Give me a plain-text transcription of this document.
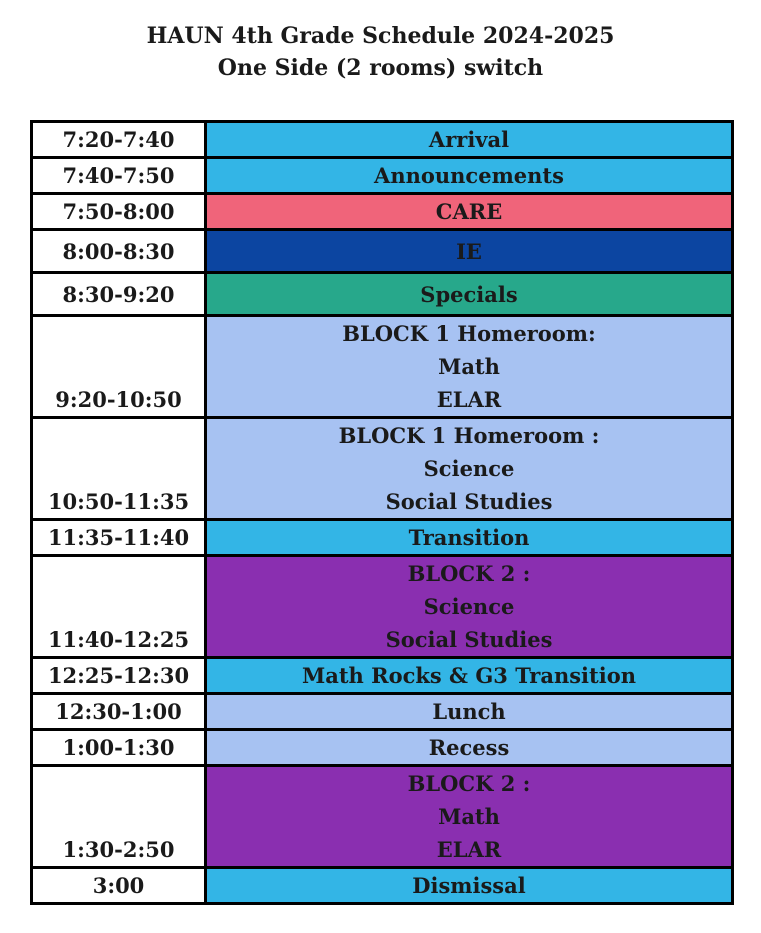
HAUN 4th Grade Schedule 2024-2025
One Side (2 rooms) switch
7:20-7:40	Arrival

7:40-7:50	Announcements

7:50-8:00	CARE

8:00-8:30	IE

8:30-9:20	Specials

9:20-10:50	BLOCK 1 Homeroom:
Math
ELAR

10:50-11:35	BLOCK 1 Homeroom :
Science
Social Studies

11:35-11:40	Transition

11:40-12:25	BLOCK 2 :
Science
Social Studies

12:25-12:30	Math Rocks & G3 Transition

12:30-1:00	Lunch

1:00-1:30	Recess

1:30-2:50	BLOCK 2 :
Math
ELAR

3:00	Dismissal
